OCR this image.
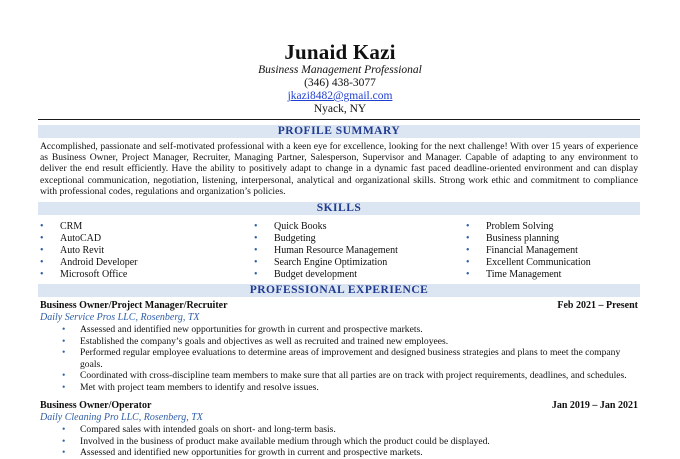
Junaid Kazi
Business Management Professional
(346) 438-3077
jkazi8482@gmail.com
Nyack, NY
PROFILE SUMMARY
Accomplished, passionate and self-motivated professional with a keen eye for excellence, looking for the next challenge! With over 15 years of experience as Business Owner, Project Manager, Recruiter, Managing Partner, Salesperson, Supervisor and Manager. Capable of adapting to any environment to deliver the end result efficiently. Have the ability to positively adapt to change in a dynamic fast paced deadline-oriented environment and can display exceptional communication, negotiation, listening, interpersonal, analytical and organizational skills. Strong work ethic and commitment to compliance with professional codes, regulations and organization’s policies.
SKILLS
• CRM
• AutoCAD
• Auto Revit
• Android Developer
• Microsoft Office
• Quick Books
• Budgeting
• Human Resource Management
• Search Engine Optimization
• Budget development
• Problem Solving
• Business planning
• Financial Management
• Excellent Communication
• Time Management
PROFESSIONAL EXPERIENCE
Business Owner/Project Manager/Recruiter	Feb 2021 – Present
Daily Service Pros LLC, Rosenberg, TX
• Assessed and identified new opportunities for growth in current and prospective markets.
• Established the company’s goals and objectives as well as recruited and trained new employees.
• Performed regular employee evaluations to determine areas of improvement and designed business strategies and plans to meet the company goals.
• Coordinated with cross-discipline team members to make sure that all parties are on track with project requirements, deadlines, and schedules.
• Met with project team members to identify and resolve issues.
Business Owner/Operator	Jan 2019 – Jan 2021
Daily Cleaning Pro LLC, Rosenberg, TX
• Compared sales with intended goals on short- and long-term basis.
• Involved in the business of product make available medium through which the product could be displayed.
• Assessed and identified new opportunities for growth in current and prospective markets.
